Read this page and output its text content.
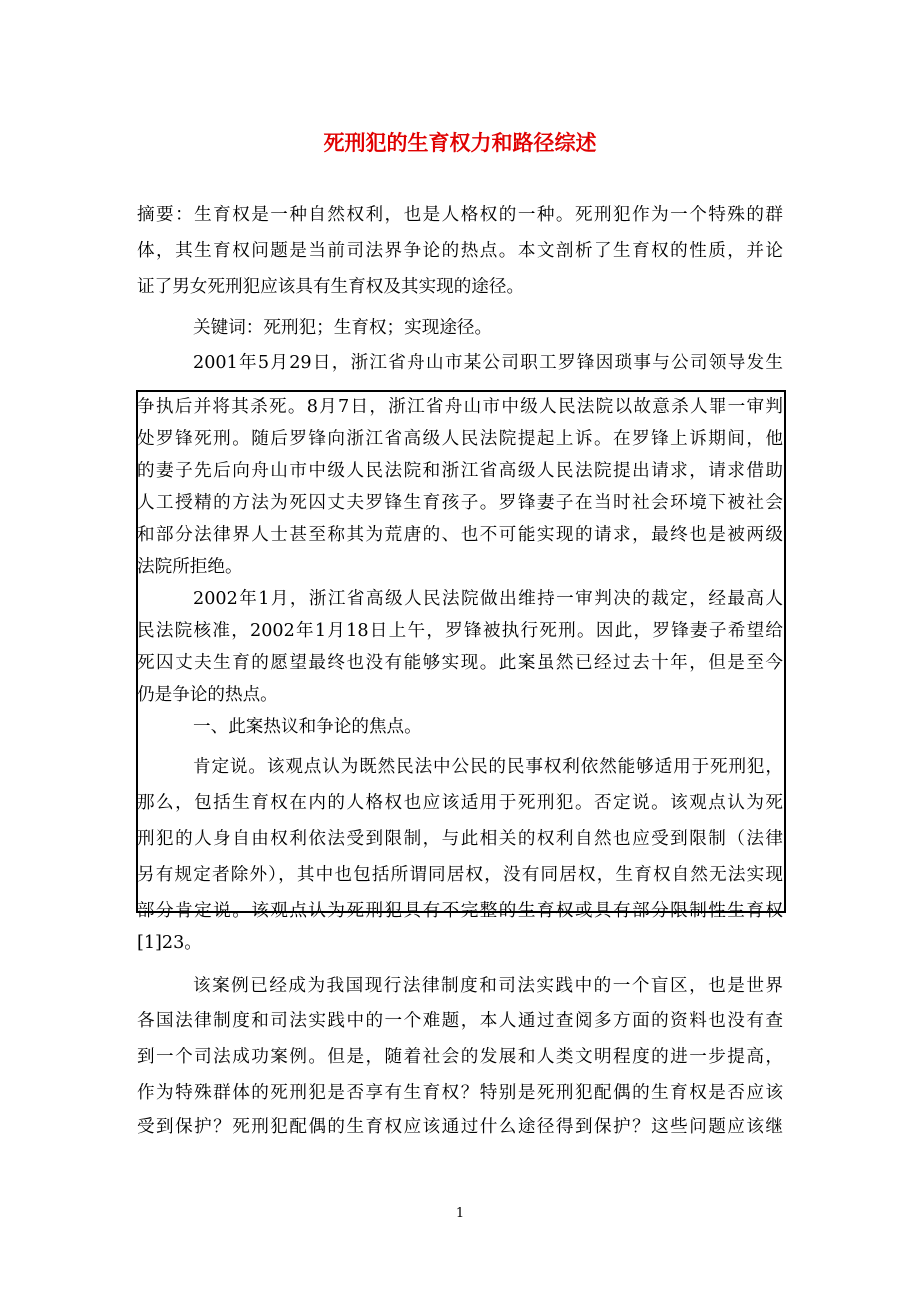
死刑犯的生育权力和路径综述
摘要：生育权是一种自然权利，也是人格权的一种。死刑犯作为一个特殊的群
体，其生育权问题是当前司法界争论的热点。本文剖析了生育权的性质，并论
证了男女死刑犯应该具有生育权及其实现的途径。
关键词：死刑犯；生育权；实现途径。
2001年5月29日，浙江省舟山市某公司职工罗锋因琐事与公司领导发生
争执后并将其杀死。8月7日，浙江省舟山市中级人民法院以故意杀人罪一审判
处罗锋死刑。随后罗锋向浙江省高级人民法院提起上诉。在罗锋上诉期间，他
的妻子先后向舟山市中级人民法院和浙江省高级人民法院提出请求，请求借助
人工授精的方法为死囚丈夫罗锋生育孩子。罗锋妻子在当时社会环境下被社会
和部分法律界人士甚至称其为荒唐的、也不可能实现的请求，最终也是被两级
法院所拒绝。
2002年1月，浙江省高级人民法院做出维持一审判决的裁定，经最高人
民法院核准，2002年1月18日上午，罗锋被执行死刑。因此，罗锋妻子希望给
死囚丈夫生育的愿望最终也没有能够实现。此案虽然已经过去十年，但是至今
仍是争论的热点。
一、此案热议和争论的焦点。
肯定说。该观点认为既然民法中公民的民事权利依然能够适用于死刑犯，
那么，包括生育权在内的人格权也应该适用于死刑犯。否定说。该观点认为死
刑犯的人身自由权利依法受到限制，与此相关的权利自然也应受到限制（法律
另有规定者除外），其中也包括所谓同居权，没有同居权，生育权自然无法实现
部分肯定说。该观点认为死刑犯具有不完整的生育权或具有部分限制性生育权
[1]23。
该案例已经成为我国现行法律制度和司法实践中的一个盲区，也是世界
各国法律制度和司法实践中的一个难题，本人通过查阅多方面的资料也没有查
到一个司法成功案例。但是，随着社会的发展和人类文明程度的进一步提高，
作为特殊群体的死刑犯是否享有生育权？特别是死刑犯配偶的生育权是否应该
受到保护？死刑犯配偶的生育权应该通过什么途径得到保护？这些问题应该继
1
